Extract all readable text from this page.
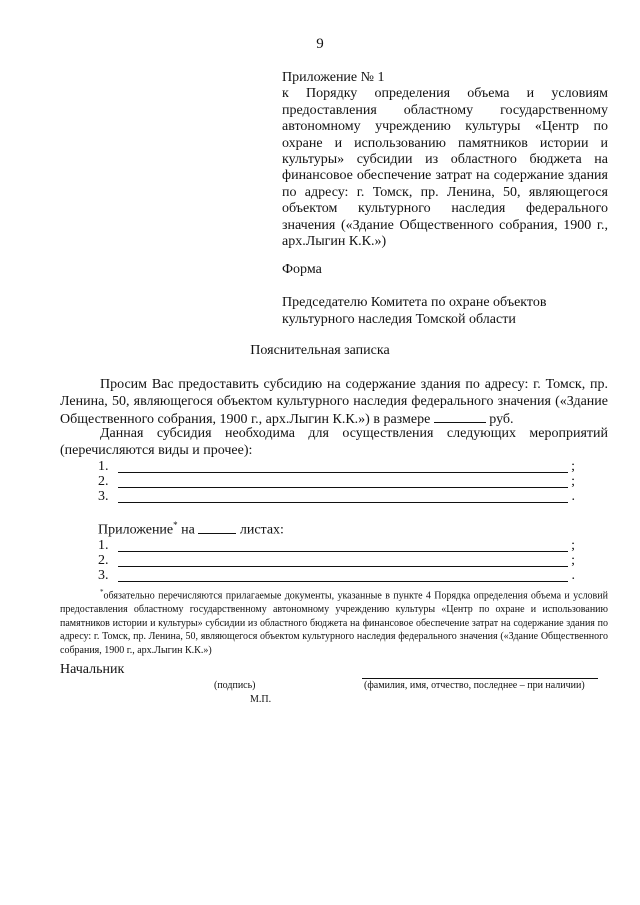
9
Приложение № 1
к Порядку определения объема и условиям предоставления областному государственному автономному учреждению культуры «Центр по охране и использованию памятников истории и культуры» субсидии из областного бюджета на финансовое обеспечение затрат на содержание здания по адресу: г. Томск, пр. Ленина, 50, являющегося объектом культурного наследия федерального значения («Здание Общественного собрания, 1900 г., арх.Лыгин К.К.»)
Форма
Председателю Комитета по охране объектов культурного наследия Томской области
Пояснительная записка
Просим Вас предоставить субсидию на содержание здания по адресу: г. Томск, пр. Ленина, 50, являющегося объектом культурного наследия федерального значения («Здание Общественного собрания, 1900 г., арх.Лыгин К.К.») в размере	руб.
Данная субсидия необходима для осуществления следующих мероприятий (перечисляются виды и прочее):
1.	;
2.	;
3.	.
Приложение* на	листах:
1.	;
2.	;
3.	.
*обязательно перечисляются прилагаемые документы, указанные в пункте 4 Порядка определения объема и условий предоставления областному государственному автономному учреждению культуры «Центр по охране и использованию памятников истории и культуры» субсидии из областного бюджета на финансовое обеспечение затрат на содержание здания по адресу: г. Томск, пр. Ленина, 50, являющегося объектом культурного наследия федерального значения («Здание Общественного собрания, 1900 г., арх.Лыгин К.К.»)
Начальник
(подпись)	(фамилия, имя, отчество, последнее – при наличии)
М.П.
